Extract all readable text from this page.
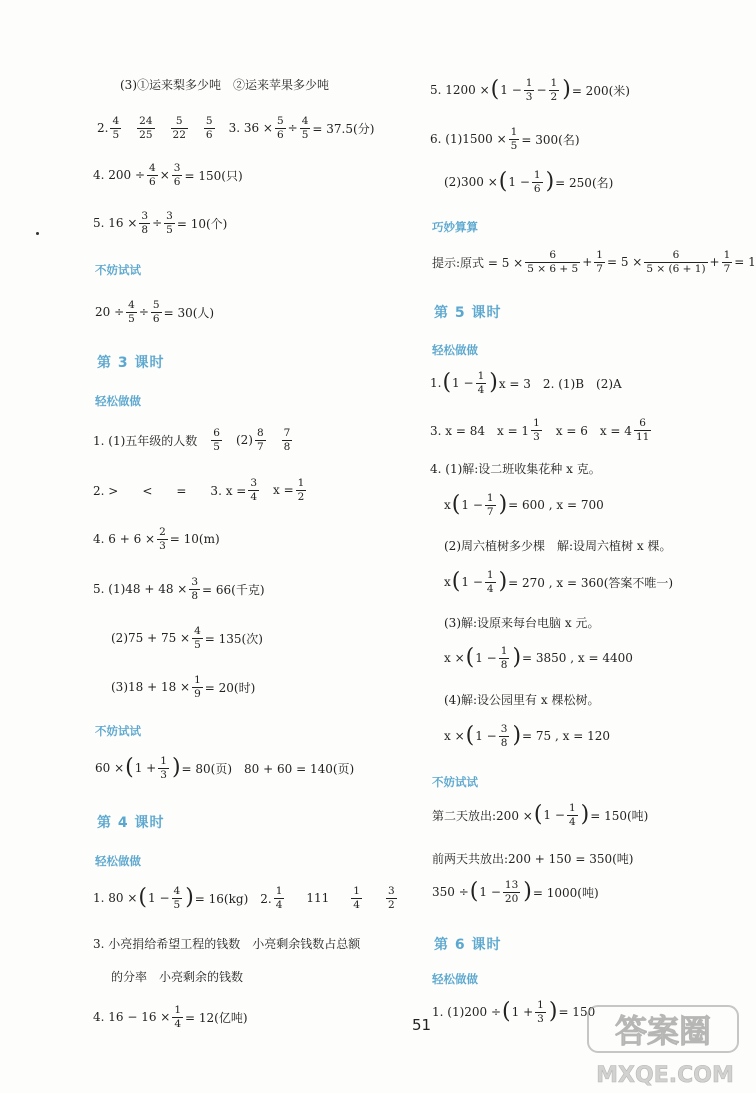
(3)①运来梨多少吨　②运来苹果多少吨
2. $\frac{4}{5} \frac{24}{25} \frac{5}{22} \frac{5}{6} 3$. $36 \times \frac{5}{6} \div \frac{4}{5} = 37.5$(分)
4. $200 \div \frac{4}{6} \times \frac{3}{6} = 150$(只)
5. $16 \times \frac{3}{8} \div \frac{3}{5} = 10$(个)
不妨试试
$20 \div \frac{4}{5} \div \frac{5}{6} = 30$(人)
第 3 课时
轻松做做
1. (1)五年级的人数 $\frac{6}{5} (2) \frac{8}{7} \frac{7}{8}$
2. >　　<　　=　　3. $x = \frac{3}{4}$ $x = \frac{1}{2}$
4. $6 + 6 \times \frac{2}{3} = 10(m)$
5. $(1)48 + 48 \times \frac{3}{8} = 66$(千克)
$(2)75 + 75 \times \frac{4}{5} = 135$(次)
$(3)18 + 18 \times \frac{1}{9} = 20$(时)
不妨试试
60 × ( $1 + \frac{1}{3}$ ) = 80(页)　80 + 60 = 140(页)
第 4 课时
轻松做做
1. 80 × ( $1 - \frac{4}{5}$ ) = 16(kg)　2. $\frac{1}{4} 111 \frac{1}{4} \frac{3}{2}$
3. 小亮捐给希望工程的钱数　小亮剩余钱数占总额
的分率　小亮剩余的钱数
4. $16 - 16 \times \frac{1}{4} = 12$(亿吨)
5. 1200 × ( $1 - \frac{1}{3} - \frac{1}{2}$ ) = 200(米)
6. $(1)1500 \times \frac{1}{5} = 300$(名)
(2)300 × ( $1 - \frac{1}{6}$ ) = 250(名)
巧妙算算
提示:原式 = $5 \times \frac{6}{5 \times 6 + 5} + \frac{1}{7} = 5 \times \frac{6}{5 \times (6 + 1)} + \frac{1}{7} = 1$
第 5 课时
轻松做做
1. ( $1 - \frac{1}{4}$ ) x = 3　2. (1)B　(2)A
3. x = 84　$x = 1 \frac{1}{3}$ x = 6　$x = 4 \frac{6}{11}$
4. (1)解:设二班收集花种 x 克。
x ( $1 - \frac{1}{7}$ ) = 600 , x = 700
(2)周六植树多少棵　解:设周六植树 x 棵。
x ( $1 - \frac{1}{4}$ ) = 270 , x = 360(答案不唯一)
(3)解:设原来每台电脑 x 元。
x × ( $1 - \frac{1}{8}$ ) = 3850 , x = 4400
(4)解:设公园里有 x 棵松树。
x × ( $1 - \frac{3}{8}$ ) = 75 , x = 120
不妨试试
第二天放出:200 × ( $1 - \frac{1}{4}$ ) = 150(吨)
前两天共放出:200 + 150 = 350(吨)
350 ÷ ( $1 - \frac{13}{20}$ ) = 1000(吨)
第 6 课时
轻松做做
1. (1)200 ÷ ( $1 + \frac{1}{3}$ ) = 150
51	答案圈
MXQE.COM
